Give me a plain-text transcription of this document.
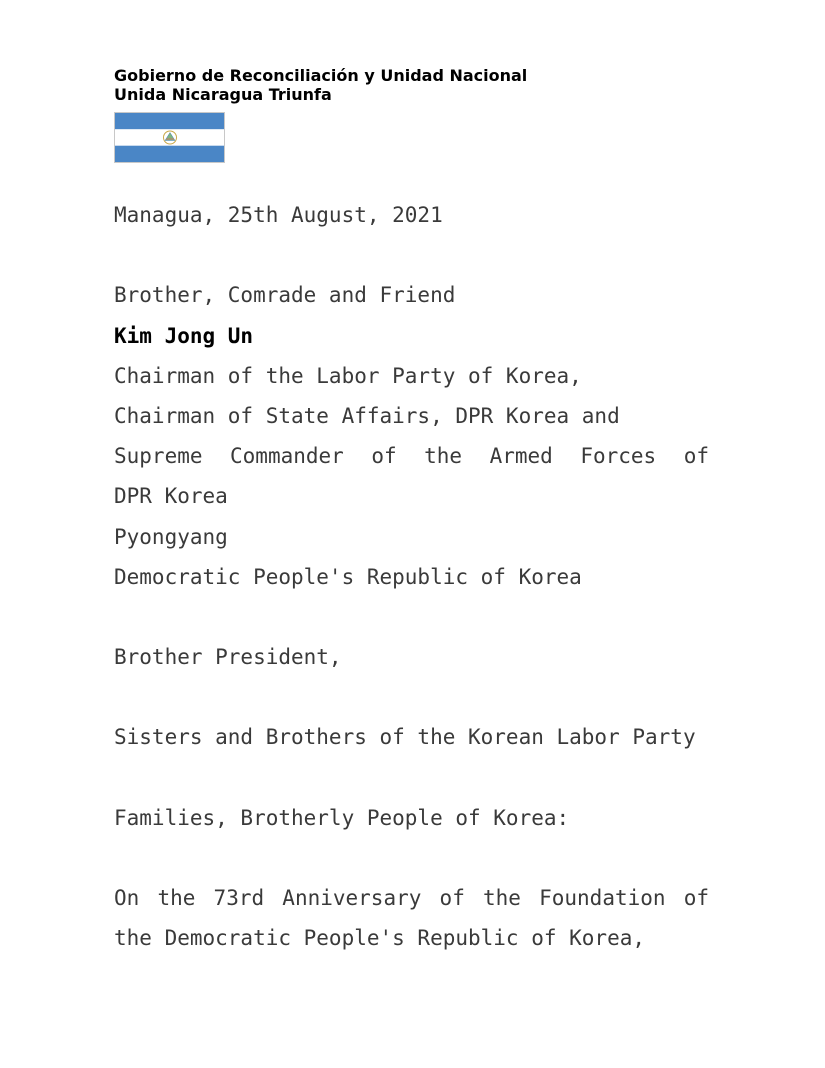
Gobierno de Reconciliación y Unidad Nacional
Unida Nicaragua Triunfa
Managua, 25th August, 2021
Brother, Comrade and Friend
Kim Jong Un
Chairman of the Labor Party of Korea,
Chairman of State Affairs, DPR Korea and
Supreme Commander of the Armed Forces of
DPR Korea
Pyongyang
Democratic People's Republic of Korea
Brother President,
Sisters and Brothers of the Korean Labor Party
Families, Brotherly People of Korea:
On the 73rd Anniversary of the Foundation of
the Democratic People's Republic of Korea,
